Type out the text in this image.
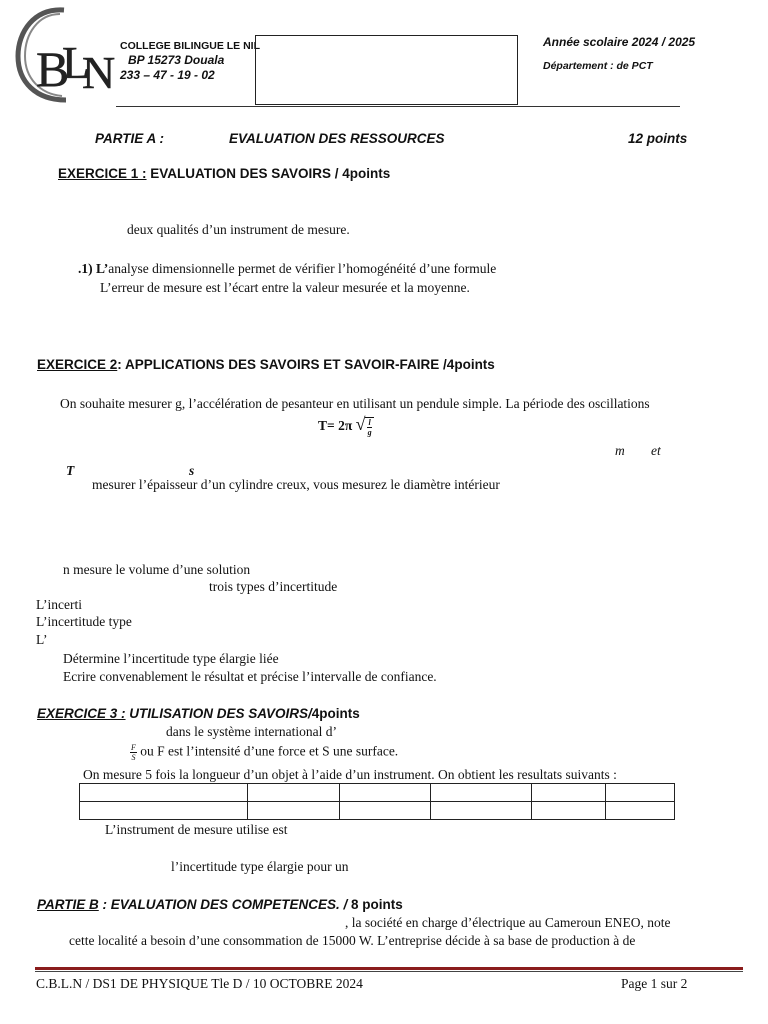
B
L
N
COLLEGE BILINGUE LE NIL
BP 15273 Douala
233 – 47 - 19 - 02
Année scolaire 2024 / 2025
Département : de PCT
PARTIE A :	EVALUATION DES RESSOURCES	12 points
EXERCICE 1 : EVALUATION DES SAVOIRS / 4points
deux qualités d’un instrument de mesure.
.1) L’analyse dimensionnelle permet de vérifier l’homogénéité d’une formule
L’erreur de mesure est l’écart entre la valeur mesurée et la moyenne.
EXERCICE 2: APPLICATIONS DES SAVOIRS ET SAVOIR-FAIRE /4points
On souhaite mesurer g, l’accélération de pesanteur en utilisant un pendule simple. La période des oscillations
T= 2π √ $\frac{l}{g}$
m et
T	s
mesurer l’épaisseur d’un cylindre creux, vous mesurez le diamètre intérieur
n mesure le volume d’une solution
trois types d’incertitude
L’incerti
L’incertitude type
L’
Détermine l’incertitude type élargie liée
Ecrire convenablement le résultat et précise l’intervalle de confiance.
EXERCICE 3 : UTILISATION DES SAVOIRS/4points
dans le système international d’
$\frac{F}{S}$ ou F est l’intensité d’une force et S une surface.
On mesure 5 fois la longueur d’un objet à l’aide d’un instrument. On obtient les resultats suivants :

L’instrument de mesure utilise est
l’incertitude type élargie pour un
PARTIE B : EVALUATION DES COMPETENCES. / 8 points
, la société en charge d’électrique au Cameroun ENEO, note
cette localité a besoin d’une consommation de 15000 W. L’entreprise décide à sa base de production à de
C.B.L.N / DS1 DE PHYSIQUE Tle D / 10 OCTOBRE 2024	Page 1 sur 2
